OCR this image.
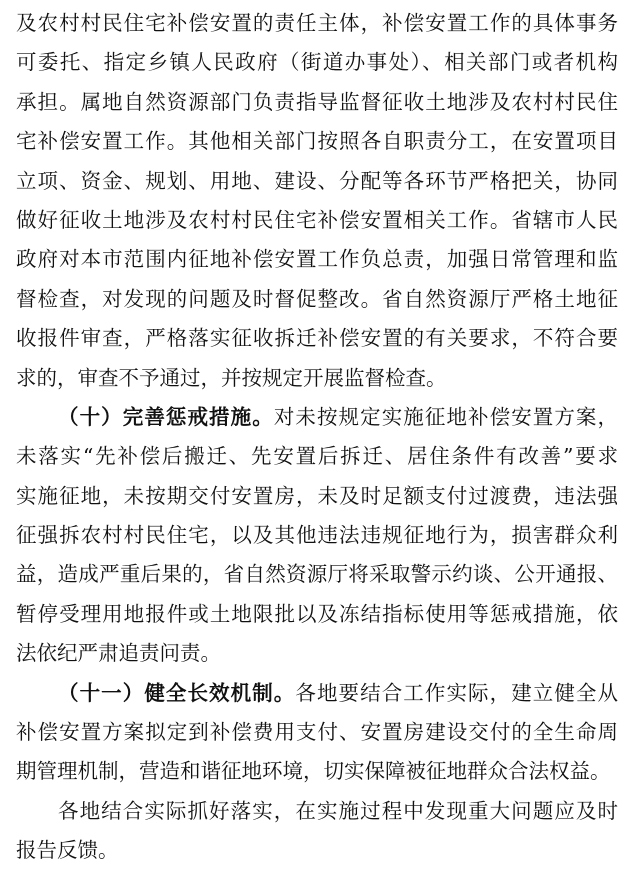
及农村村民住宅补偿安置的责任主体，补偿安置工作的具体事务
可委托、指定乡镇人民政府（街道办事处）、相关部门或者机构
承担。属地自然资源部门负责指导监督征收土地涉及农村村民住
宅补偿安置工作。其他相关部门按照各自职责分工，在安置项目
立项、资金、规划、用地、建设、分配等各环节严格把关，协同
做好征收土地涉及农村村民住宅补偿安置相关工作。省辖市人民
政府对本市范围内征地补偿安置工作负总责，加强日常管理和监
督检查，对发现的问题及时督促整改。省自然资源厅严格土地征
收报件审查，严格落实征收拆迁补偿安置的有关要求，不符合要
求的，审查不予通过，并按规定开展监督检查。
（十）完善惩戒措施。对未按规定实施征地补偿安置方案，
未落实“先补偿后搬迁、先安置后拆迁、居住条件有改善”要求
实施征地，未按期交付安置房，未及时足额支付过渡费，违法强
征强拆农村村民住宅，以及其他违法违规征地行为，损害群众利
益，造成严重后果的，省自然资源厅将采取警示约谈、公开通报、
暂停受理用地报件或土地限批以及冻结指标使用等惩戒措施，依
法依纪严肃追责问责。
（十一）健全长效机制。各地要结合工作实际，建立健全从
补偿安置方案拟定到补偿费用支付、安置房建设交付的全生命周
期管理机制，营造和谐征地环境，切实保障被征地群众合法权益。
各地结合实际抓好落实，在实施过程中发现重大问题应及时
报告反馈。
